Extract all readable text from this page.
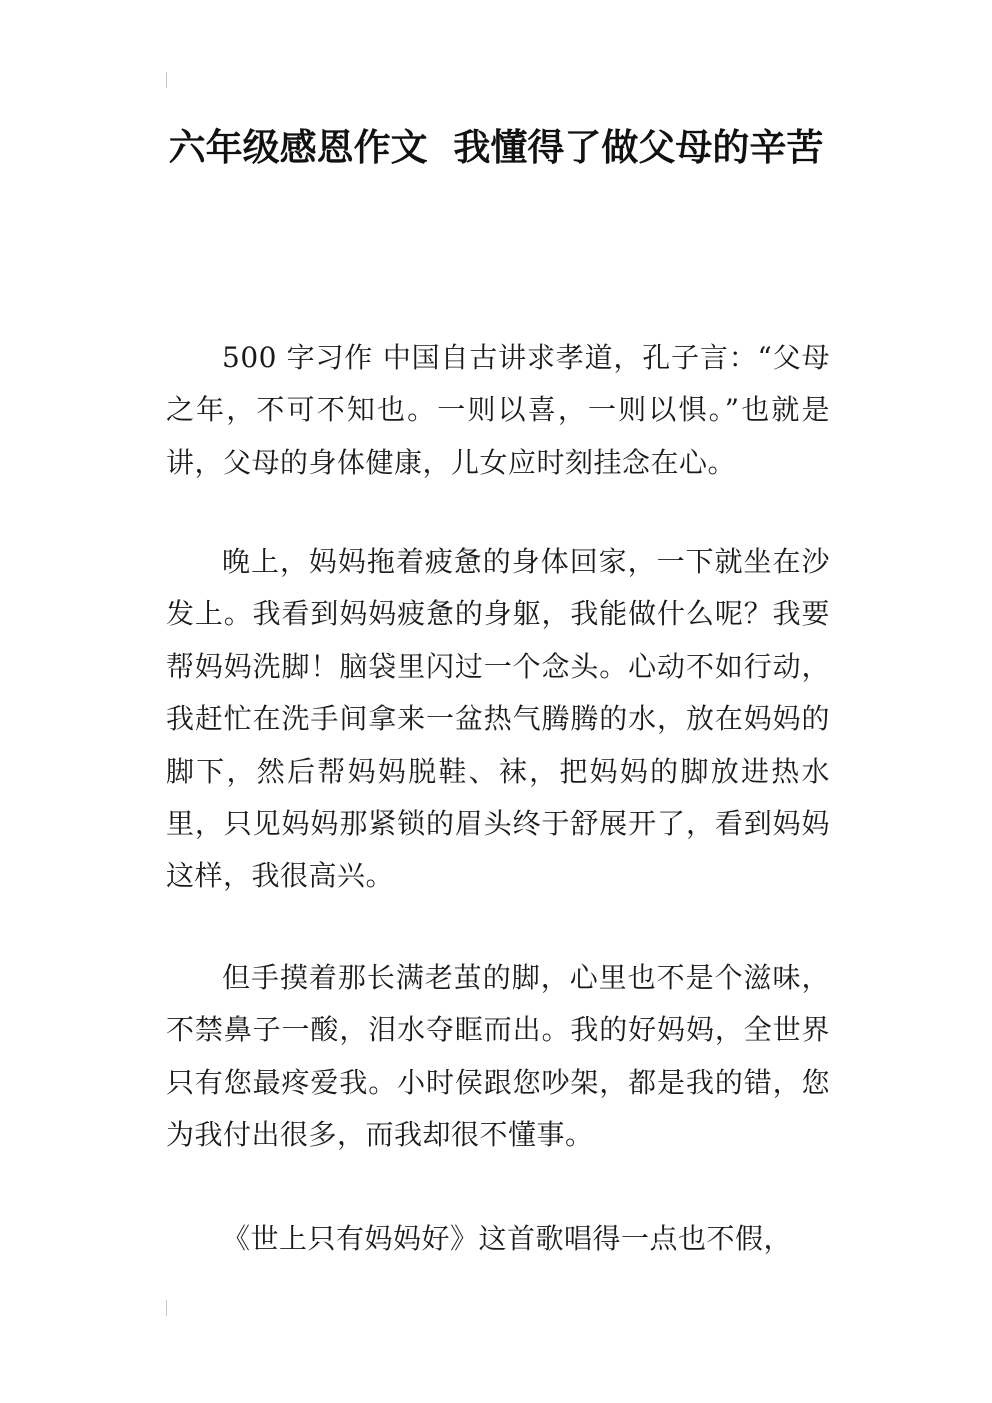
六年级感恩作文  我懂得了做父母的辛苦

500 字习作 中国自古讲求孝道，孔子言：“父母之年，不可不知也。一则以喜，一则以惧。”也就是讲，父母的身体健康，儿女应时刻挂念在心。

晚上，妈妈拖着疲惫的身体回家，一下就坐在沙发上。我看到妈妈疲惫的身躯，我能做什么呢？我要帮妈妈洗脚！脑袋里闪过一个念头。心动不如行动，我赶忙在洗手间拿来一盆热气腾腾的水，放在妈妈的脚下，然后帮妈妈脱鞋、袜，把妈妈的脚放进热水里，只见妈妈那紧锁的眉头终于舒展开了，看到妈妈这样，我很高兴。

但手摸着那长满老茧的脚，心里也不是个滋味，不禁鼻子一酸，泪水夺眶而出。我的好妈妈，全世界只有您最疼爱我。小时侯跟您吵架，都是我的错，您为我付出很多，而我却很不懂事。

《世上只有妈妈好》这首歌唱得一点也不假，
